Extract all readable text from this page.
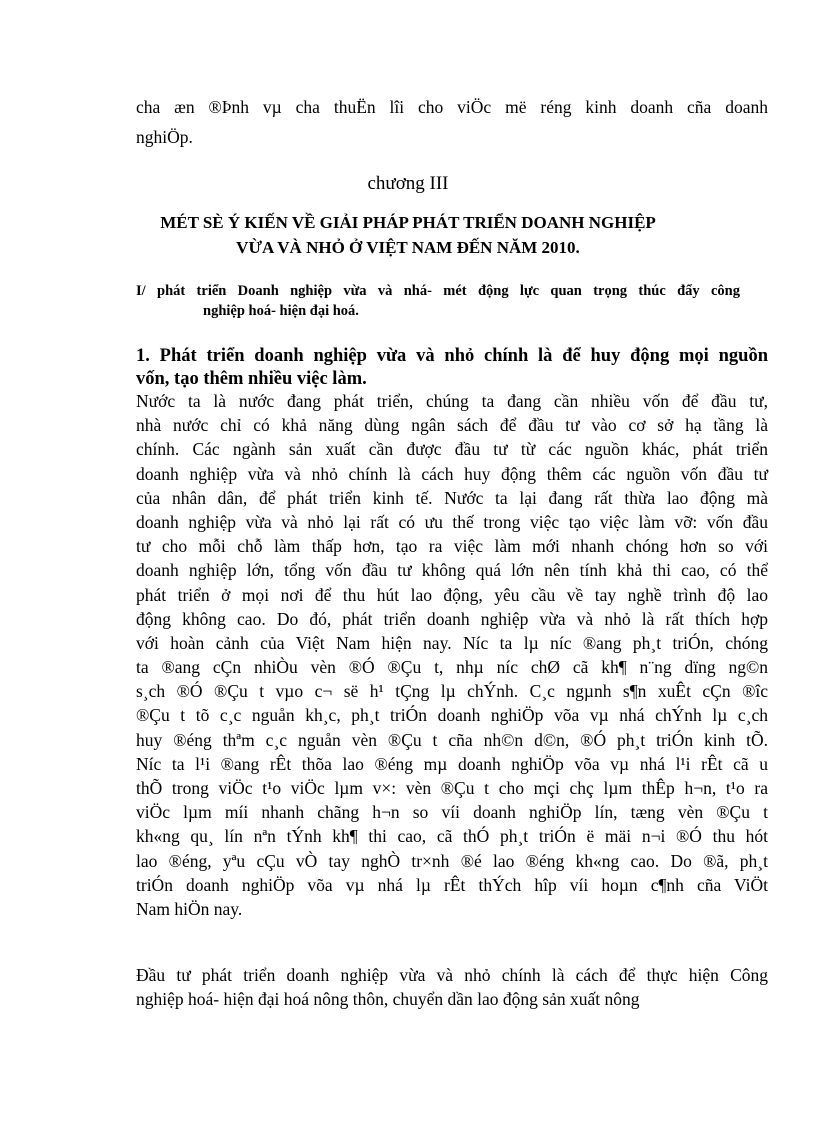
cha æn ®Þnh vµ cha thuËn lîi cho viÖc më réng kinh doanh cña doanh
nghiÖp.
chương III
MÉT SÈ Ý KIẾN VỀ GIẢI PHÁP PHÁT TRIỂN DOANH NGHIỆP
VỪA VÀ NHỎ Ở VIỆT NAM ĐẾN NĂM 2010.
I/ phát triển Doanh nghiệp vừa và nhá- mét động lực quan trọng thúc đẩy công
nghiệp hoá- hiện đại hoá.
1. Phát triển doanh nghiệp vừa và nhỏ chính là để huy động mọi nguồn
vốn, tạo thêm nhiều việc làm.
Nước ta là nước đang phát triển, chúng ta đang cần nhiều vốn để đầu tư,
nhà nước chỉ có khả năng dùng ngân sách để đầu tư vào cơ sở hạ tầng là
chính. Các ngành sản xuất cần được đầu tư từ các nguồn khác, phát triển
doanh nghiệp vừa và nhỏ chính là cách huy động thêm các nguồn vốn đầu tư
của nhân dân, để phát triển kinh tế. Nước ta lại đang rất thừa lao động mà
doanh nghiệp vừa và nhỏ lại rất có ưu thế trong việc tạo việc làm vỡ: vốn đầu
tư cho mỗi chỗ làm thấp hơn, tạo ra việc làm mới nhanh chóng hơn so với
doanh nghiệp lớn, tổng vốn đầu tư không quá lớn nên tính khả thi cao, có thể
phát triển ở mọi nơi để thu hút lao động, yêu cầu về tay nghề trình độ lao
động không cao. Do đó, phát triển doanh nghiệp vừa và nhỏ là rất thích hợp
với hoàn cảnh của Việt Nam hiện nay. Níc ta lµ níc ®ang ph¸t triÓn, chóng
ta ®ang cÇn nhiÒu vèn ®Ó ®Çu t, nhµ níc chØ cã kh¶ n¨ng dïng ng©n
s¸ch ®Ó ®Çu t vµo c¬ së h¹ tÇng lµ chÝnh. C¸c ngµnh s¶n xuÊt cÇn ®îc
®Çu t tõ c¸c nguån kh¸c, ph¸t triÓn doanh nghiÖp võa vµ nhá chÝnh lµ c¸ch
huy ®éng thªm c¸c nguån vèn ®Çu t cña nh©n d©n, ®Ó ph¸t triÓn kinh tÕ.
Níc ta l¹i ®ang rÊt thõa lao ®éng mµ doanh nghiÖp võa vµ nhá l¹i rÊt cã u
thÕ trong viÖc t¹o viÖc lµm v×: vèn ®Çu t cho mçi chç lµm thÊp h¬n, t¹o ra
viÖc lµm míi nhanh chãng h¬n so víi doanh nghiÖp lín, tæng vèn ®Çu t
kh«ng qu¸ lín nªn tÝnh kh¶ thi cao, cã thÓ ph¸t triÓn ë mäi n¬i ®Ó thu hót
lao ®éng, yªu cÇu vÒ tay nghÒ tr×nh ®é lao ®éng kh«ng cao. Do ®ã, ph¸t
triÓn doanh nghiÖp võa vµ nhá lµ rÊt thÝch hîp víi hoµn c¶nh cña ViÖt
Nam hiÖn nay.
Đầu tư phát triển doanh nghiệp vừa và nhỏ chính là cách để thực hiện Công
nghiệp hoá- hiện đại hoá nông thôn, chuyển dần lao động sản xuất nông
